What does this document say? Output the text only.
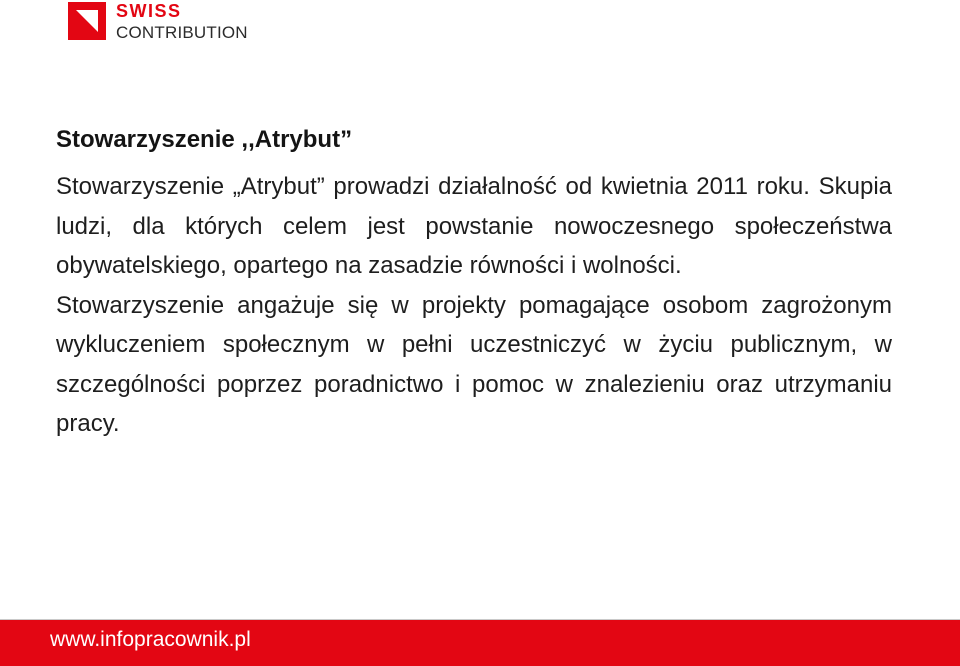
SWISS
CONTRIBUTION
Stowarzyszenie ,,Atrybut”

Stowarzyszenie „Atrybut” prowadzi działalność od kwietnia 2011 roku. Skupia ludzi, dla których celem jest powstanie nowoczesnego społeczeństwa obywatelskiego, opartego na zasadzie równości i wolności.

Stowarzyszenie angażuje się w projekty pomagające osobom zagrożonym wykluczeniem społecznym w pełni uczestniczyć w życiu publicznym, w szczególności poprzez poradnictwo i pomoc w znalezieniu oraz utrzymaniu pracy.

www.infopracownik.pl
